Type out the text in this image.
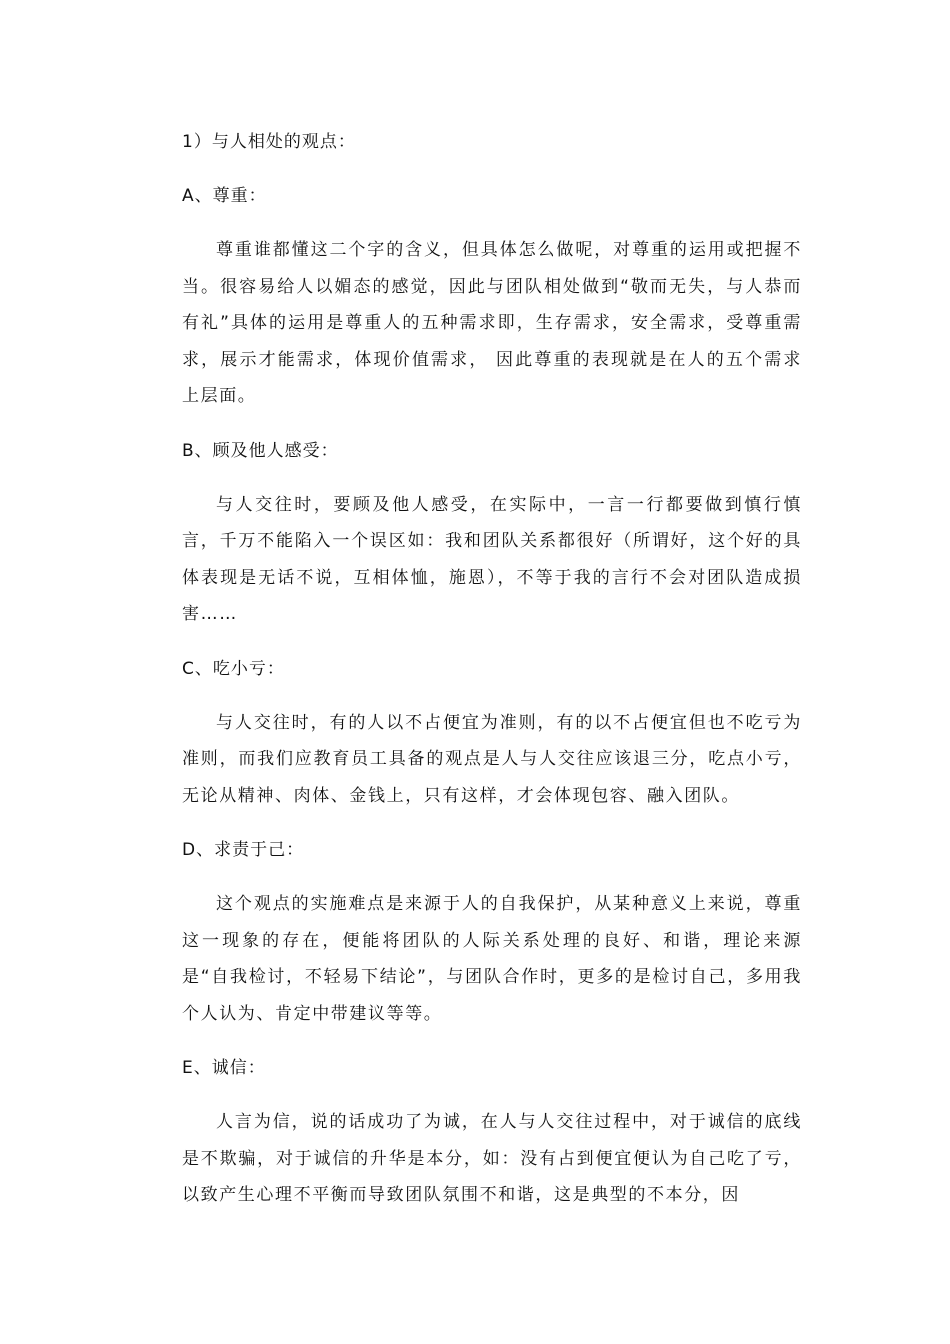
1）与人相处的观点：
A、尊重：

尊重谁都懂这二个字的含义，但具体怎么做呢，对尊重的运用或把握不当。很容易给人以媚态的感觉，因此与团队相处做到“敬而无失，与人恭而有礼”具体的运用是尊重人的五种需求即，生存需求，安全需求，受尊重需求，展示才能需求，体现价值需求， 因此尊重的表现就是在人的五个需求上层面。

B、顾及他人感受：

与人交往时，要顾及他人感受，在实际中，一言一行都要做到慎行慎言，千万不能陷入一个误区如：我和团队关系都很好（所谓好，这个好的具体表现是无话不说，互相体恤，施恩），不等于我的言行不会对团队造成损害……

C、吃小亏：

与人交往时，有的人以不占便宜为准则，有的以不占便宜但也不吃亏为准则，而我们应教育员工具备的观点是人与人交往应该退三分，吃点小亏，无论从精神、肉体、金钱上，只有这样，才会体现包容、融入团队。

D、求责于己：

这个观点的实施难点是来源于人的自我保护，从某种意义上来说，尊重这一现象的存在，便能将团队的人际关系处理的良好、和谐，理论来源是“自我检讨，不轻易下结论”，与团队合作时，更多的是检讨自己，多用我个人认为、肯定中带建议等等。

E、诚信：

人言为信，说的话成功了为诚，在人与人交往过程中，对于诚信的底线是不欺骗，对于诚信的升华是本分，如：没有占到便宜便认为自己吃了亏，以致产生心理不平衡而导致团队氛围不和谐，这是典型的不本分，因
